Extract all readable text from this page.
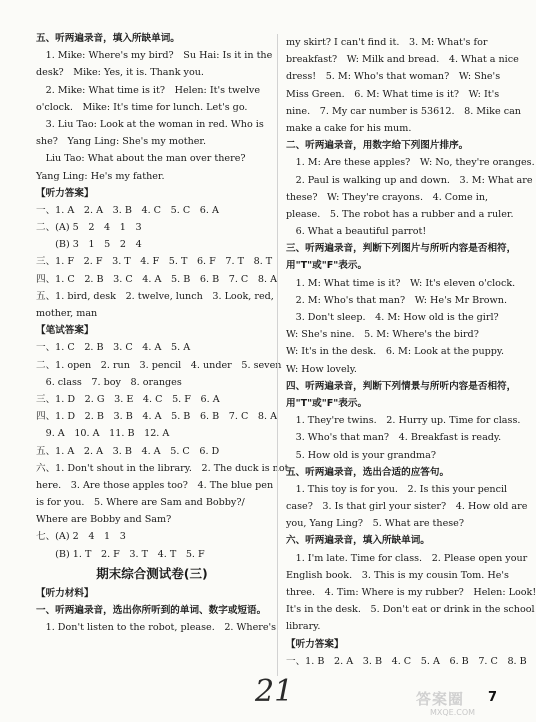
五、听两遍录音，填入所缺单词。
　1. Mike: Where's my bird?　Su Hai: Is it in the
desk?　Mike: Yes, it is. Thank you.
　2. Mike: What time is it?　Helen: It's twelve
o'clock.　Mike: It's time for lunch. Let's go.
　3. Liu Tao: Look at the woman in red. Who is
she?　Yang Ling: She's my mother.
　Liu Tao: What about the man over there?
Yang Ling: He's my father.
【听力答案】
一、1. A　2. A　3. B　4. C　5. C　6. A
二、(A) 5　2　4　1　3
　　(B) 3　1　5　2　4
三、1. F　2. F　3. T　4. F　5. T　6. F　7. T　8. T
四、1. C　2. B　3. C　4. A　5. B　6. B　7. C　8. A
五、1. bird, desk　2. twelve, lunch　3. Look, red,
mother, man
【笔试答案】
一、1. C　2. B　3. C　4. A　5. A
二、1. open　2. run　3. pencil　4. under　5. seven
　6. class　7. boy　8. oranges
三、1. D　2. G　3. E　4. C　5. F　6. A
四、1. D　2. B　3. B　4. A　5. B　6. B　7. C　8. A
　9. A　10. A　11. B　12. A
五、1. A　2. A　3. B　4. A　5. C　6. D
六、1. Don't shout in the library.　2. The duck is not
here.　3. Are those apples too?　4. The blue pen
is for you.　5. Where are Sam and Bobby?/
Where are Bobby and Sam?
七、(A) 2　4　1　3
　　(B) 1. T　2. F　3. T　4. T　5. F
期末综合测试卷(三)
【听力材料】
一、听两遍录音，选出你所听到的单词、数字或短语。
　1. Don't listen to the robot, please.　2. Where's
my skirt? I can't find it.　3. M: What's for
breakfast?　W: Milk and bread.　4. What a nice
dress!　5. M: Who's that woman?　W: She's
Miss Green.　6. M: What time is it?　W: It's
nine.　7. My car number is 53612.　8. Mike can
make a cake for his mum.
二、听两遍录音，用数字给下列图片排序。
　1. M: Are these apples?　W: No, they're oranges.
　2. Paul is walking up and down.　3. M: What are
these?　W: They're crayons.　4. Come in,
please.　5. The robot has a rubber and a ruler.
　6. What a beautiful parrot!
三、听两遍录音，判断下列图片与所听内容是否相符，
用"T"或"F"表示。
　1. M: What time is it?　W: It's eleven o'clock.
　2. M: Who's that man?　W: He's Mr Brown.
　3. Don't sleep.　4. M: How old is the girl?
W: She's nine.　5. M: Where's the bird?
W: It's in the desk.　6. M: Look at the puppy.
W: How lovely.
四、听两遍录音，判断下列情景与所听内容是否相符，
用"T"或"F"表示。
　1. They're twins.　2. Hurry up. Time for class.
　3. Who's that man?　4. Breakfast is ready.
　5. How old is your grandma?
五、听两遍录音，选出合适的应答句。
　1. This toy is for you.　2. Is this your pencil
case?　3. Is that girl your sister?　4. How old are
you, Yang Ling?　5. What are these?
六、听两遍录音，填入所缺单词。
　1. I'm late. Time for class.　2. Please open your
English book.　3. This is my cousin Tom. He's
three.　4. Tim: Where is my rubber?　Helen: Look!
It's in the desk.　5. Don't eat or drink in the school
library.
【听力答案】
一、1. B　2. A　3. B　4. C　5. A　6. B　7. C　8. B
21	答案圈
MXQE.COM
7
